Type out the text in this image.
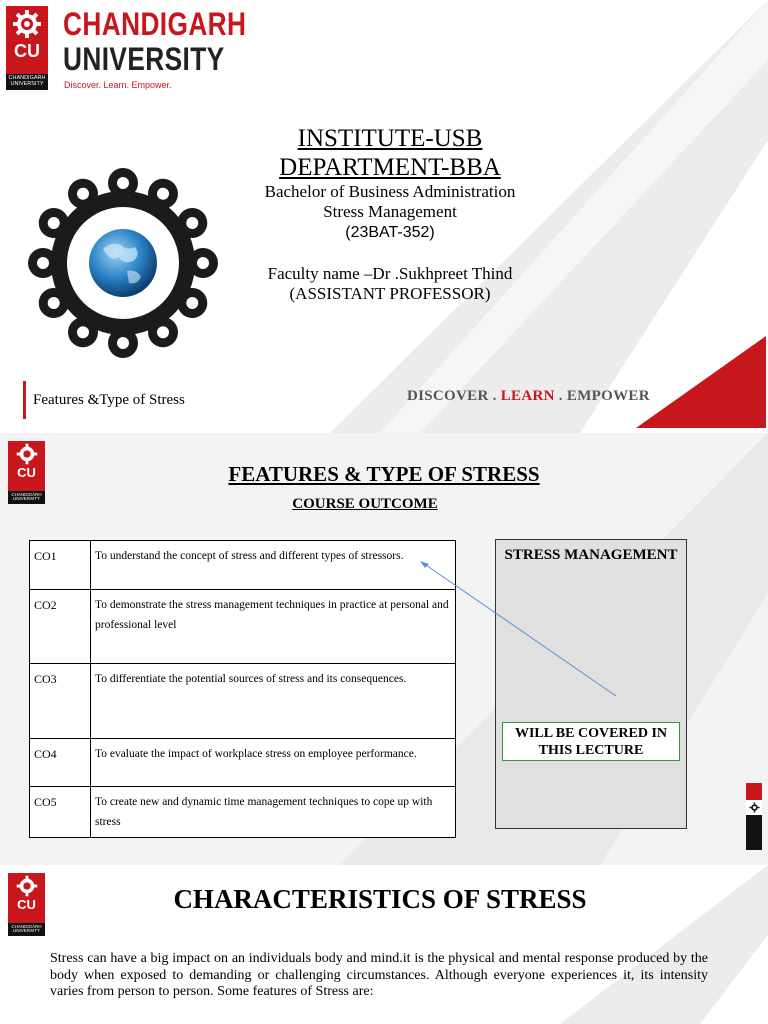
CU
CHANDIGARH
UNIVERSITY
CHANDIGARH
UNIVERSITY
Discover. Learn. Empower.
INSTITUTE-USB
DEPARTMENT-BBA
Bachelor of Business Administration
Stress Management
(23BAT-352)
Faculty name –Dr .Sukhpreet Thind
(ASSISTANT PROFESSOR)
Features &Type of Stress	DISCOVER . LEARN . EMPOWER
CU
CHANDIGARH
UNIVERSITY
FEATURES & TYPE OF STRESS
COURSE OUTCOME
CO1	To understand the concept of stress and different types of stressors.
CO2	To demonstrate the stress management techniques in practice at personal and professional level
CO3	To differentiate the potential sources of stress and its consequences.
CO4	To evaluate the impact of workplace stress on employee performance.
CO5	To create new and dynamic time management techniques to cope up with stress
STRESS MANAGEMENT
WILL BE COVERED IN THIS LECTURE
CU
CHANDIGARH
UNIVERSITY
CHARACTERISTICS OF STRESS
Stress can have a big impact on an individuals body and mind.it is the physical and mental response produced by the body when exposed to demanding or challenging circumstances. Although everyone experiences it, its intensity varies from person to person. Some features of Stress are:
